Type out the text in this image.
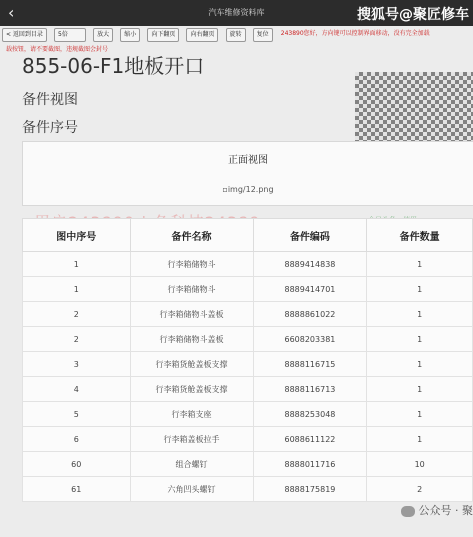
‹	汽车维修资料库	搜狐号@聚匠修车
< 返回到目录	5倍	放大	缩小	向下翻页	向右翻页	旋转	复位 243890您好，方向键可以控制界面移动，没有完全加载
载按钮，请不要截图，违规截图会封号
855-06-F1地板开口
备件视图
备件序号
正面视图
▫img/12.png
图中序号	备件名称	备件编码	备件数量
1	行李箱储物斗	8889414838	1
1	行李箱储物斗	8889414701	1
2	行李箱储物斗盖板	8888861022	1
2	行李箱储物斗盖板	6608203381	1
3	行李箱货舱盖板支撑	8888116715	1
4	行李箱货舱盖板支撑	8888116713	1
5	行李箱支座	8888253048	1
6	行李箱盖板拉手	6088611122	1
60	组合螺钉	8888011716	10
61	六角凹头螺钉	8888175819	2
公众号 · 聚
